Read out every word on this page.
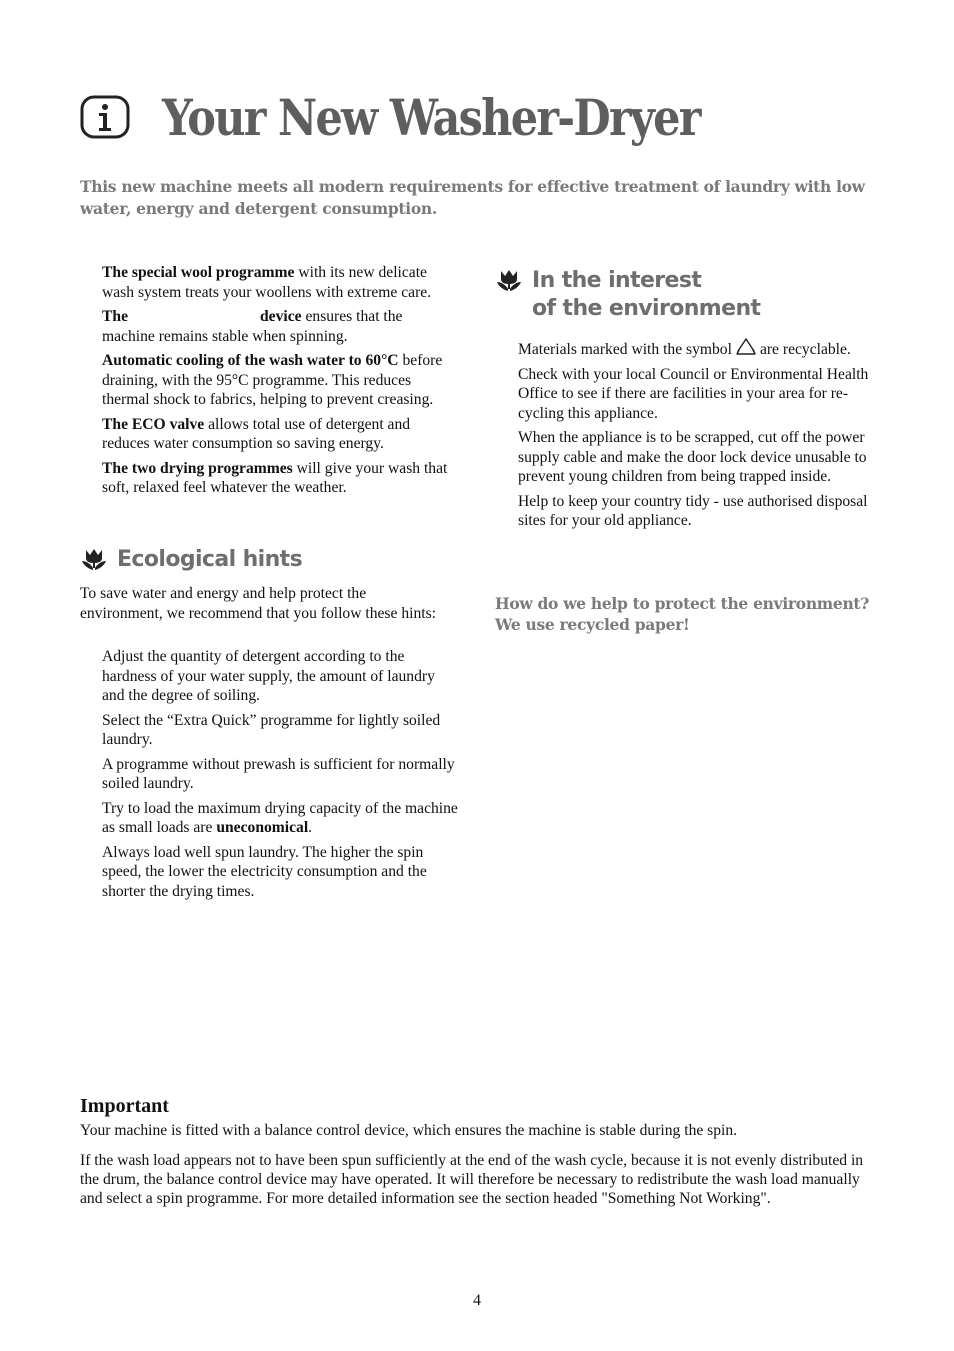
Your New Washer-Dryer
This new machine meets all modern requirements for effective treatment of laundry with low water, energy and detergent consumption.

The special wool programme with its new delicate wash system treats your woollens with extreme care.

The	device ensures that the machine remains stable when spinning.

Automatic cooling of the wash water to 60°C before draining, with the 95°C programme. This reduces thermal shock to fabrics, helping to prevent creasing.

The ECO valve allows total use of detergent and reduces water consumption so saving energy.

The two drying programmes will give your wash that soft, relaxed feel whatever the weather.

Ecological hints
To save water and energy and help protect the environment, we recommend that you follow these hints:

Adjust the quantity of detergent according to the hardness of your water supply, the amount of laundry and the degree of soiling.

Select the “Extra Quick” programme for lightly soiled laundry.

A programme without prewash is sufficient for normally soiled laundry.

Try to load the maximum drying capacity of the machine as small loads are uneconomical.

Always load well spun laundry. The higher the spin speed, the lower the electricity consumption and the shorter the drying times.

In the interest
of the environment

Materials marked with the symbol are recyclable.

Check with your local Council or Environmental Health Office to see if there are facilities in your area for re-cycling this appliance.

When the appliance is to be scrapped, cut off the power supply cable and make the door lock device unusable to prevent young children from being trapped inside.

Help to keep your country tidy - use authorised disposal sites for your old appliance.

How do we help to protect the environment?
We use recycled paper!
Important
Your machine is fitted with a balance control device, which ensures the machine is stable during the spin.
If the wash load appears not to have been spun sufficiently at the end of the wash cycle, because it is not evenly distributed in the drum, the balance control device may have operated. It will therefore be necessary to redistribute the wash load manually and select a spin programme. For more detailed information see the section headed "Something Not Working".
4
